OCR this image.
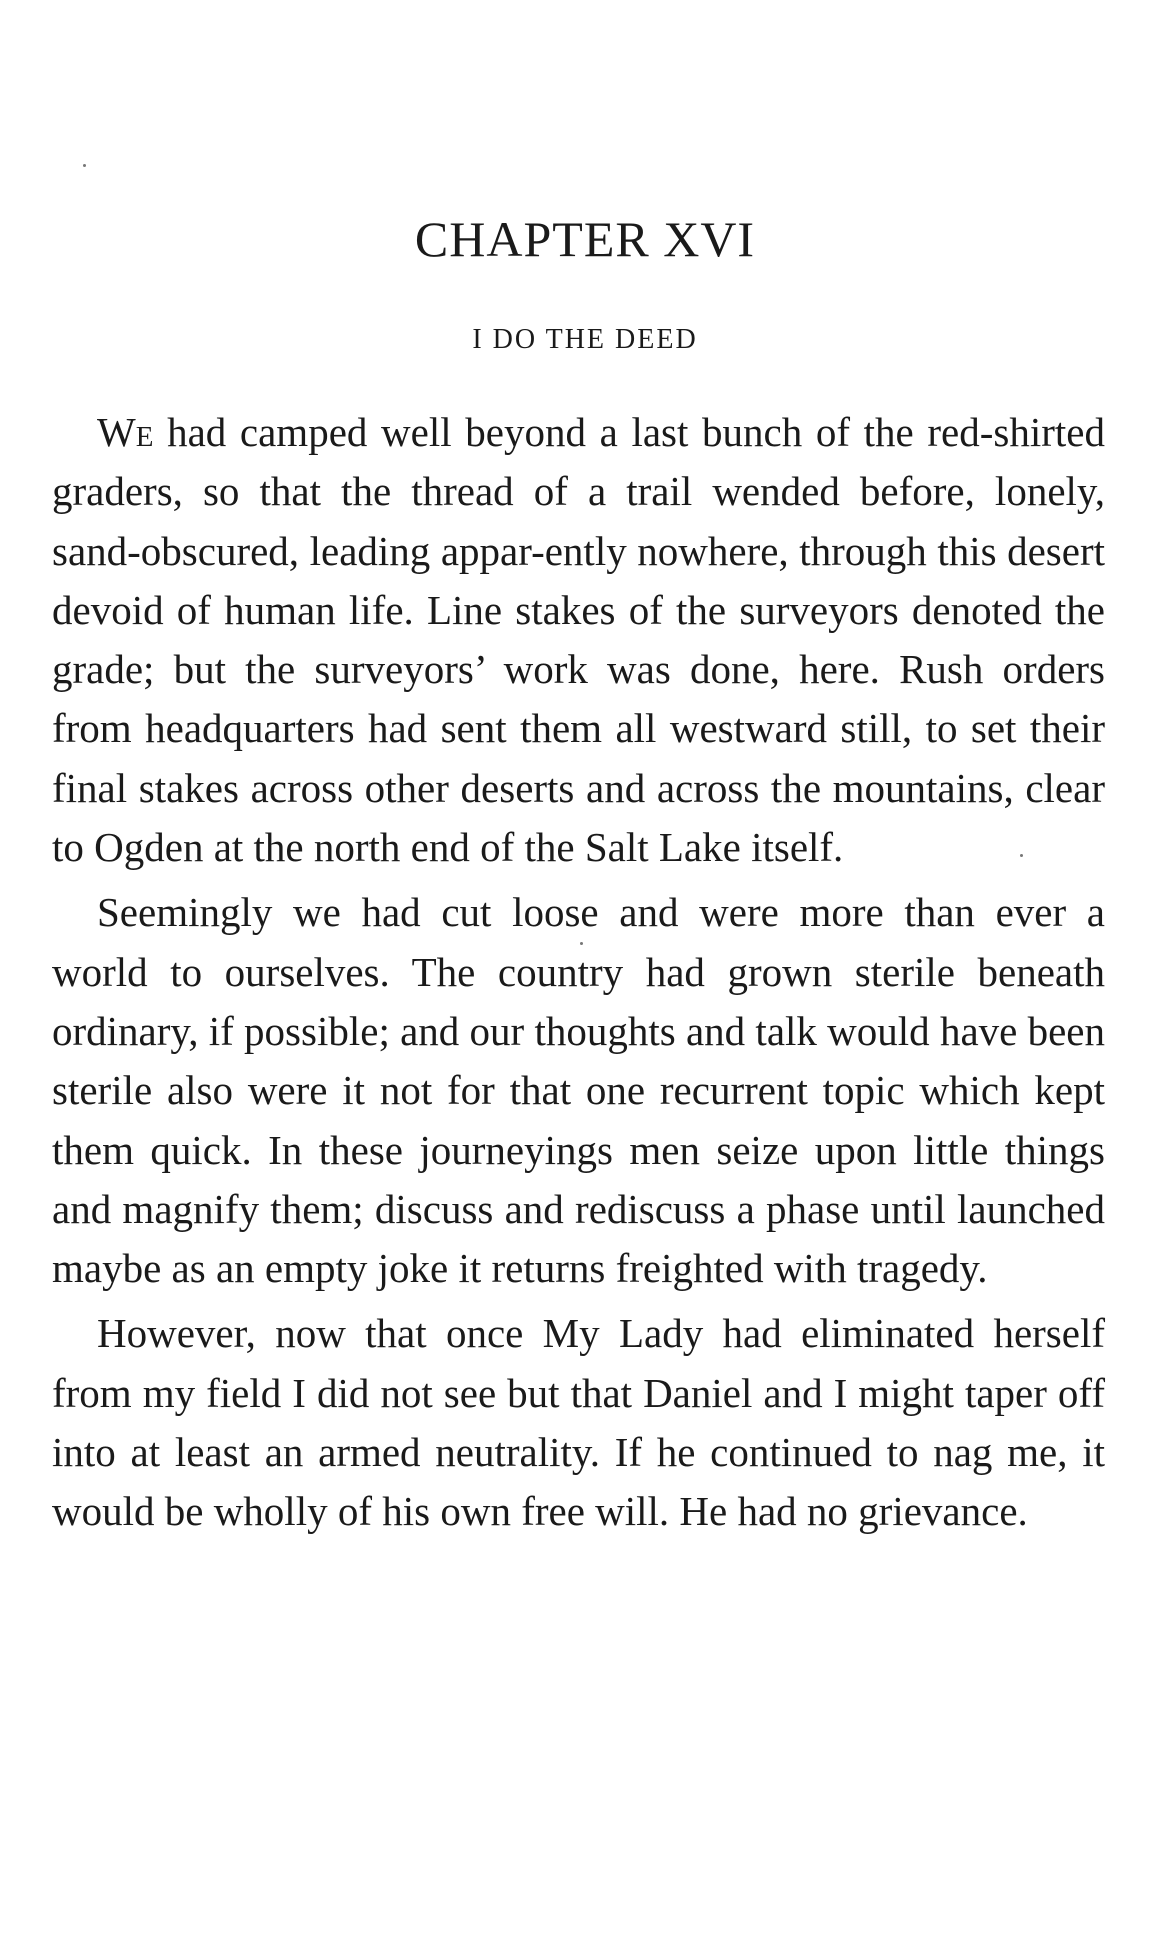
CHAPTER XVI
I DO THE DEED

We had camped well beyond a last bunch of the red-shirted graders, so that the thread of a trail wended before, lonely, sand-obscured, leading appar-ently nowhere, through this desert devoid of human life. Line stakes of the surveyors denoted the grade; but the surveyors’ work was done, here. Rush orders from headquarters had sent them all westward still, to set their final stakes across other deserts and across the mountains, clear to Ogden at the north end of the Salt Lake itself.

Seemingly we had cut loose and were more than ever a world to ourselves. The country had grown sterile beneath ordinary, if possible; and our thoughts and talk would have been sterile also were it not for that one recurrent topic which kept them quick. In these journeyings men seize upon little things and magnify them; discuss and rediscuss a phase until launched maybe as an empty joke it returns freighted with tragedy.

However, now that once My Lady had eliminated herself from my field I did not see but that Daniel and I might taper off into at least an armed neutrality. If he continued to nag me, it would be wholly of his own free will. He had no grievance.
